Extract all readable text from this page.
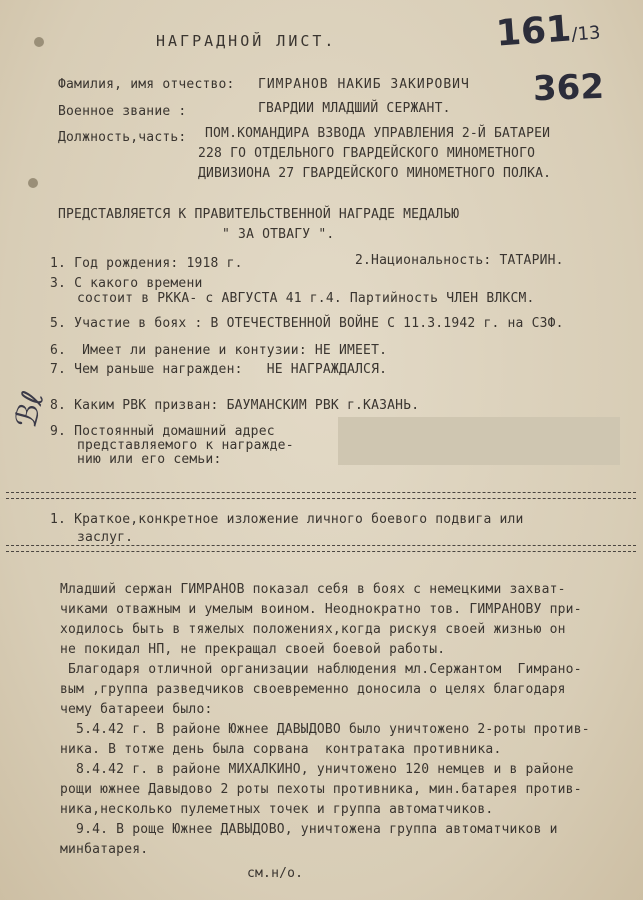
НАГРАДНОЙ ЛИСТ.	161/13
362
Фамилия, имя отчество: ГИМРАНОВ НАКИБ ЗАКИРОВИЧ
Военное звание :	ГВАРДИИ МЛАДШИЙ СЕРЖАНТ.
Должность,часть: ПОМ.КОМАНДИРА ВЗВОДА УПРАВЛЕНИЯ 2-Й БАТАРЕИ
228 ГО ОТДЕЛЬНОГО ГВАРДЕЙСКОГО МИНОМЕТНОГО
ДИВИЗИОНА 27 ГВАРДЕЙСКОГО МИНОМЕТНОГО ПОЛКА.
ПРЕДСТАВЛЯЕТСЯ К ПРАВИТЕЛЬСТВЕННОЙ НАГРАДЕ МЕДАЛЬЮ
" ЗА ОТВАГУ ".
1. Год рождения: 1918 г.	2.Национальность: ТАТАРИН.
3. С какого времени
состоит в РККА- с АВГУСТА 41 г.4. Партийность ЧЛЕН ВЛКСМ.
5. Участие в боях : В ОТЕЧЕСТВЕННОЙ ВОЙНЕ С 11.3.1942 г. на СЗФ.
6.  Имеет ли ранение и контузии: НЕ ИМЕЕТ.
7. Чем раньше награжден:   НЕ НАГРАЖДАЛСЯ.
ℬℓ
8. Каким РВК призван: БАУМАНСКИМ РВК г.КАЗАНЬ.
9. Постоянный домашний адрес
представляемого к награжде-
нию или его семьи:
1. Краткое,конкретное изложение личного боевого подвига или
заслуг.
Младший сержан ГИМРАНОВ показал себя в боях с немецкими захват-
чиками отважным и умелым воином. Неоднократно тов. ГИМРАНОВУ при-
ходилось быть в тяжелых положениях,когда рискуя своей жизнью он
не покидал НП, не прекращал своей боевой работы.
Благодаря отличной организации наблюдения мл.Сержантом  Гимрано-
вым ,группа разведчиков своевременно доносила о целях благодаря
чему батарееи было:
5.4.42 г. В районе Южнее ДАВЫДОВО было уничтожено 2-роты против-
ника. В тотже день была сорвана  контратака противника.
8.4.42 г. в районе МИХАЛКИНО, уничтожено 120 немцев и в районе
рощи южнее Давыдово 2 роты пехоты противника, мин.батарея против-
ника,несколько пулеметных точек и группа автоматчиков.
9.4. В роще Южнее ДАВЫДОВО, уничтожена группа автоматчиков и
минбатарея.
см.н/о.
